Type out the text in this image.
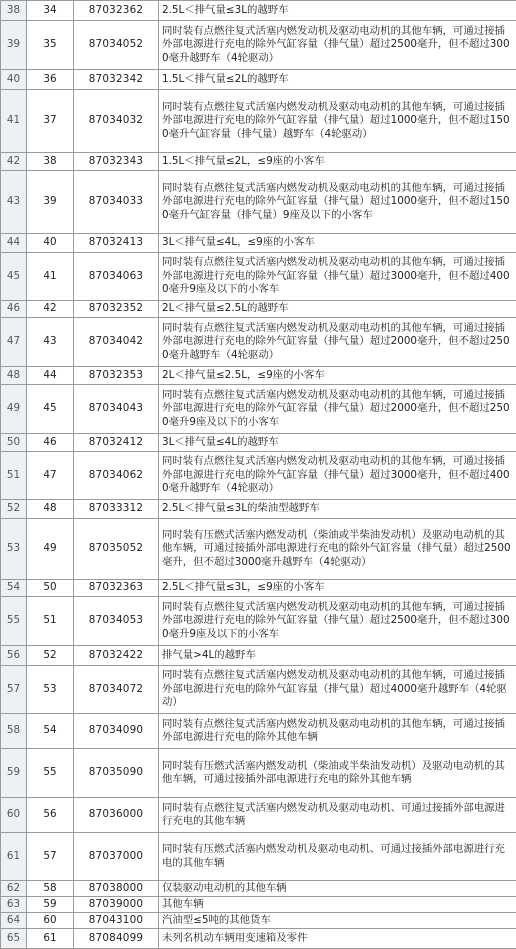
38	34	87032362	2.5L＜排气量≤3L的越野车
39	35	87034052	同时装有点燃往复式活塞内燃发动机及驱动电动机的其他车辆，可通过接插外部电源进行充电的除外气缸容量（排气量）超过2500毫升，但不超过3000毫升越野车（4轮驱动）
40	36	87032342	1.5L＜排气量≤2L的越野车
41	37	87034032	同时装有点燃往复式活塞内燃发动机及驱动电动机的其他车辆，可通过接插外部电源进行充电的除外气缸容量（排气量）超过1000毫升，但不超过1500毫升气缸容量（排气量）越野车（4轮驱动）
42	38	87032343	1.5L＜排气量≤2L，≤9座的小客车
43	39	87034033	同时装有点燃往复式活塞内燃发动机及驱动电动机的其他车辆，可通过接插外部电源进行充电的除外气缸容量（排气量）超过1000毫升，但不超过1500毫升气缸容量（排气量）9座及以下的小客车
44	40	87032413	3L＜排气量≤4L，≤9座的小客车
45	41	87034063	同时装有点燃往复式活塞内燃发动机及驱动电动机的其他车辆，可通过接插外部电源进行充电的除外气缸容量（排气量）超过3000毫升，但不超过4000毫升9座及以下的小客车
46	42	87032352	2L＜排气量≤2.5L的越野车
47	43	87034042	同时装有点燃往复式活塞内燃发动机及驱动电动机的其他车辆，可通过接插外部电源进行充电的除外气缸容量（排气量）超过2000毫升，但不超过2500毫升越野车（4轮驱动）
48	44	87032353	2L＜排气量≤2.5L，≤9座的小客车
49	45	87034043	同时装有点燃往复式活塞内燃发动机及驱动电动机的其他车辆，可通过接插外部电源进行充电的除外气缸容量（排气量）超过2000毫升，但不超过2500毫升9座及以下的小客车
50	46	87032412	3L＜排气量≤4L的越野车
51	47	87034062	同时装有点燃往复式活塞内燃发动机及驱动电动机的其他车辆，可通过接插外部电源进行充电的除外气缸容量（排气量）超过3000毫升，但不超过4000毫升越野车（4轮驱动）
52	48	87033312	2.5L＜排气量≤3L的柴油型越野车
53	49	87035052	同时装有压燃式活塞内燃发动机（柴油或半柴油发动机）及驱动电动机的其他车辆，可通过接插外部电源进行充电的除外气缸容量（排气量）超过2500毫升，但不超过3000毫升越野车（4轮驱动）
54	50	87032363	2.5L＜排气量≤3L，≤9座的小客车
55	51	87034053	同时装有点燃往复式活塞内燃发动机及驱动电动机的其他车辆，可通过接插外部电源进行充电的除外气缸容量（排气量）超过2500毫升，但不超过3000毫升9座及以下的小客车
56	52	87032422	排气量>4L的越野车
57	53	87034072	同时装有点燃往复式活塞内燃发动机及驱动电动机的其他车辆，可通过接插外部电源进行充电的除外气缸容量（排气量）超过4000毫升越野车（4轮驱动）
58	54	87034090	同时装有点燃往复式活塞内燃发动机及驱动电动机的其他车辆，可通过接插外部电源进行充电的除外其他车辆
59	55	87035090	同时装有压燃式活塞内燃发动机（柴油或半柴油发动机）及驱动电动机的其他车辆，可通过接插外部电源进行充电的除外其他车辆
60	56	87036000	同时装有点燃往复式活塞内燃发动机及驱动电动机、可通过接插外部电源进行充电的其他车辆
61	57	87037000	同时装有压燃式活塞内燃发动机及驱动电动机、可通过接插外部电源进行充电的其他车辆
62	58	87038000	仅装驱动电动机的其他车辆
63	59	87039000	其他车辆
64	60	87043100	汽油型≤5吨的其他货车
65	61	87084099	未列名机动车辆用变速箱及零件
